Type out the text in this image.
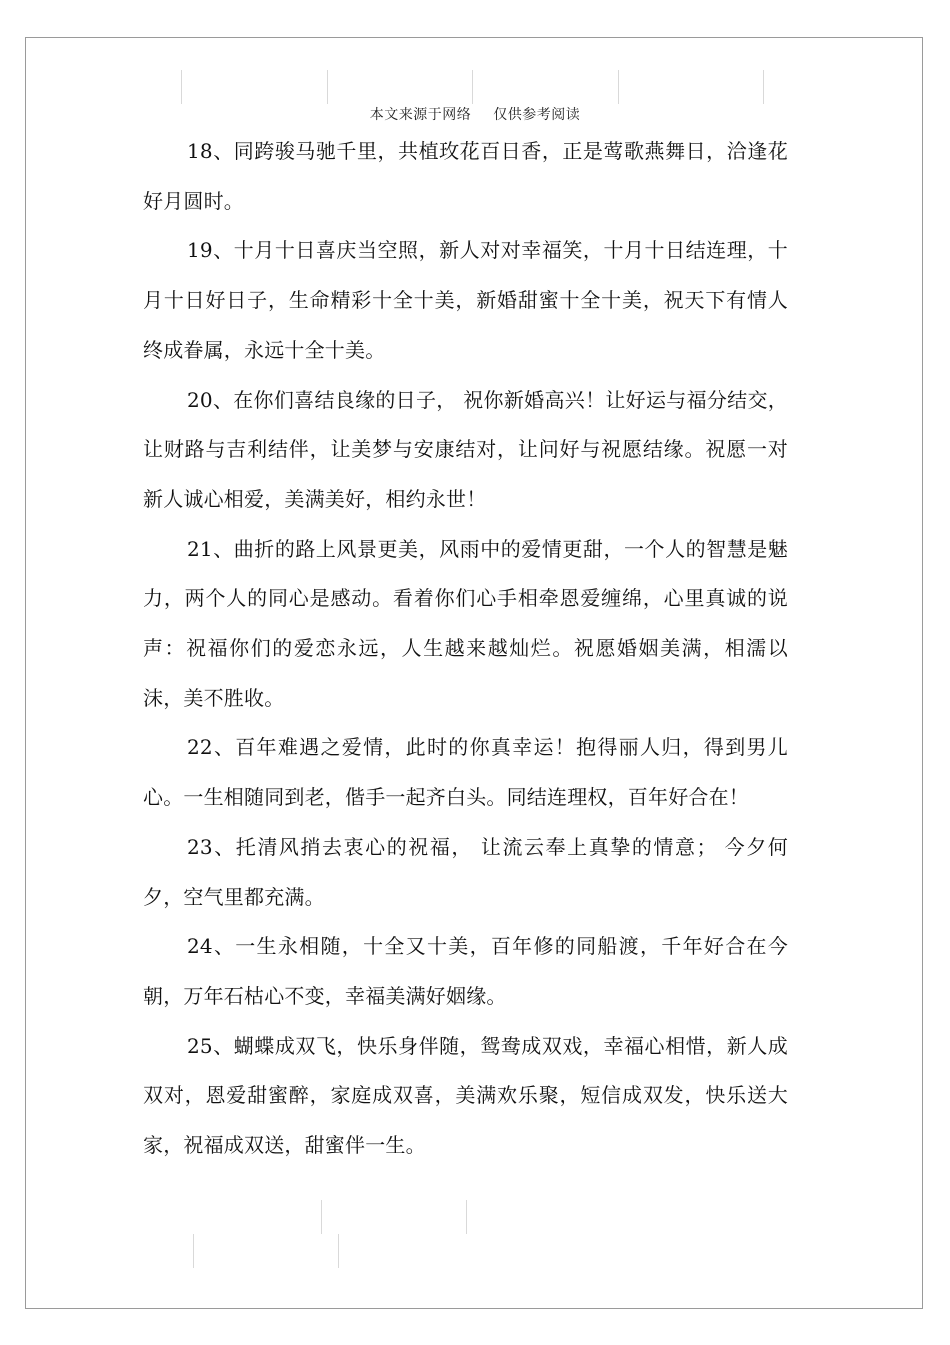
本文来源于网络 仅供参考阅读

18、同跨骏马驰千里，共植玫花百日香，正是莺歌燕舞日，洽逢花好月圆时。

19、十月十日喜庆当空照，新人对对幸福笑，十月十日结连理，十月十日好日子，生命精彩十全十美，新婚甜蜜十全十美，祝天下有情人终成眷属，永远十全十美。

20、在你们喜结良缘的日子， 祝你新婚高兴！让好运与福分结交，让财路与吉利结伴，让美梦与安康结对，让问好与祝愿结缘。祝愿一对新人诚心相爱，美满美好，相约永世！

21、曲折的路上风景更美，风雨中的爱情更甜，一个人的智慧是魅力，两个人的同心是感动。看着你们心手相牵恩爱缠绵，心里真诚的说声：祝福你们的爱恋永远，人生越来越灿烂。祝愿婚姻美满，相濡以沫，美不胜收。

22、百年难遇之爱情，此时的你真幸运！抱得丽人归，得到男儿心。一生相随同到老，偕手一起齐白头。同结连理权，百年好合在！

23、托清风捎去衷心的祝福， 让流云奉上真挚的情意； 今夕何夕，空气里都充满。

24、一生永相随，十全又十美，百年修的同船渡，千年好合在今朝，万年石枯心不变，幸福美满好姻缘。

25、蝴蝶成双飞，快乐身伴随，鸳鸯成双戏，幸福心相惜，新人成双对，恩爱甜蜜醉，家庭成双喜，美满欢乐聚，短信成双发，快乐送大家，祝福成双送，甜蜜伴一生。
